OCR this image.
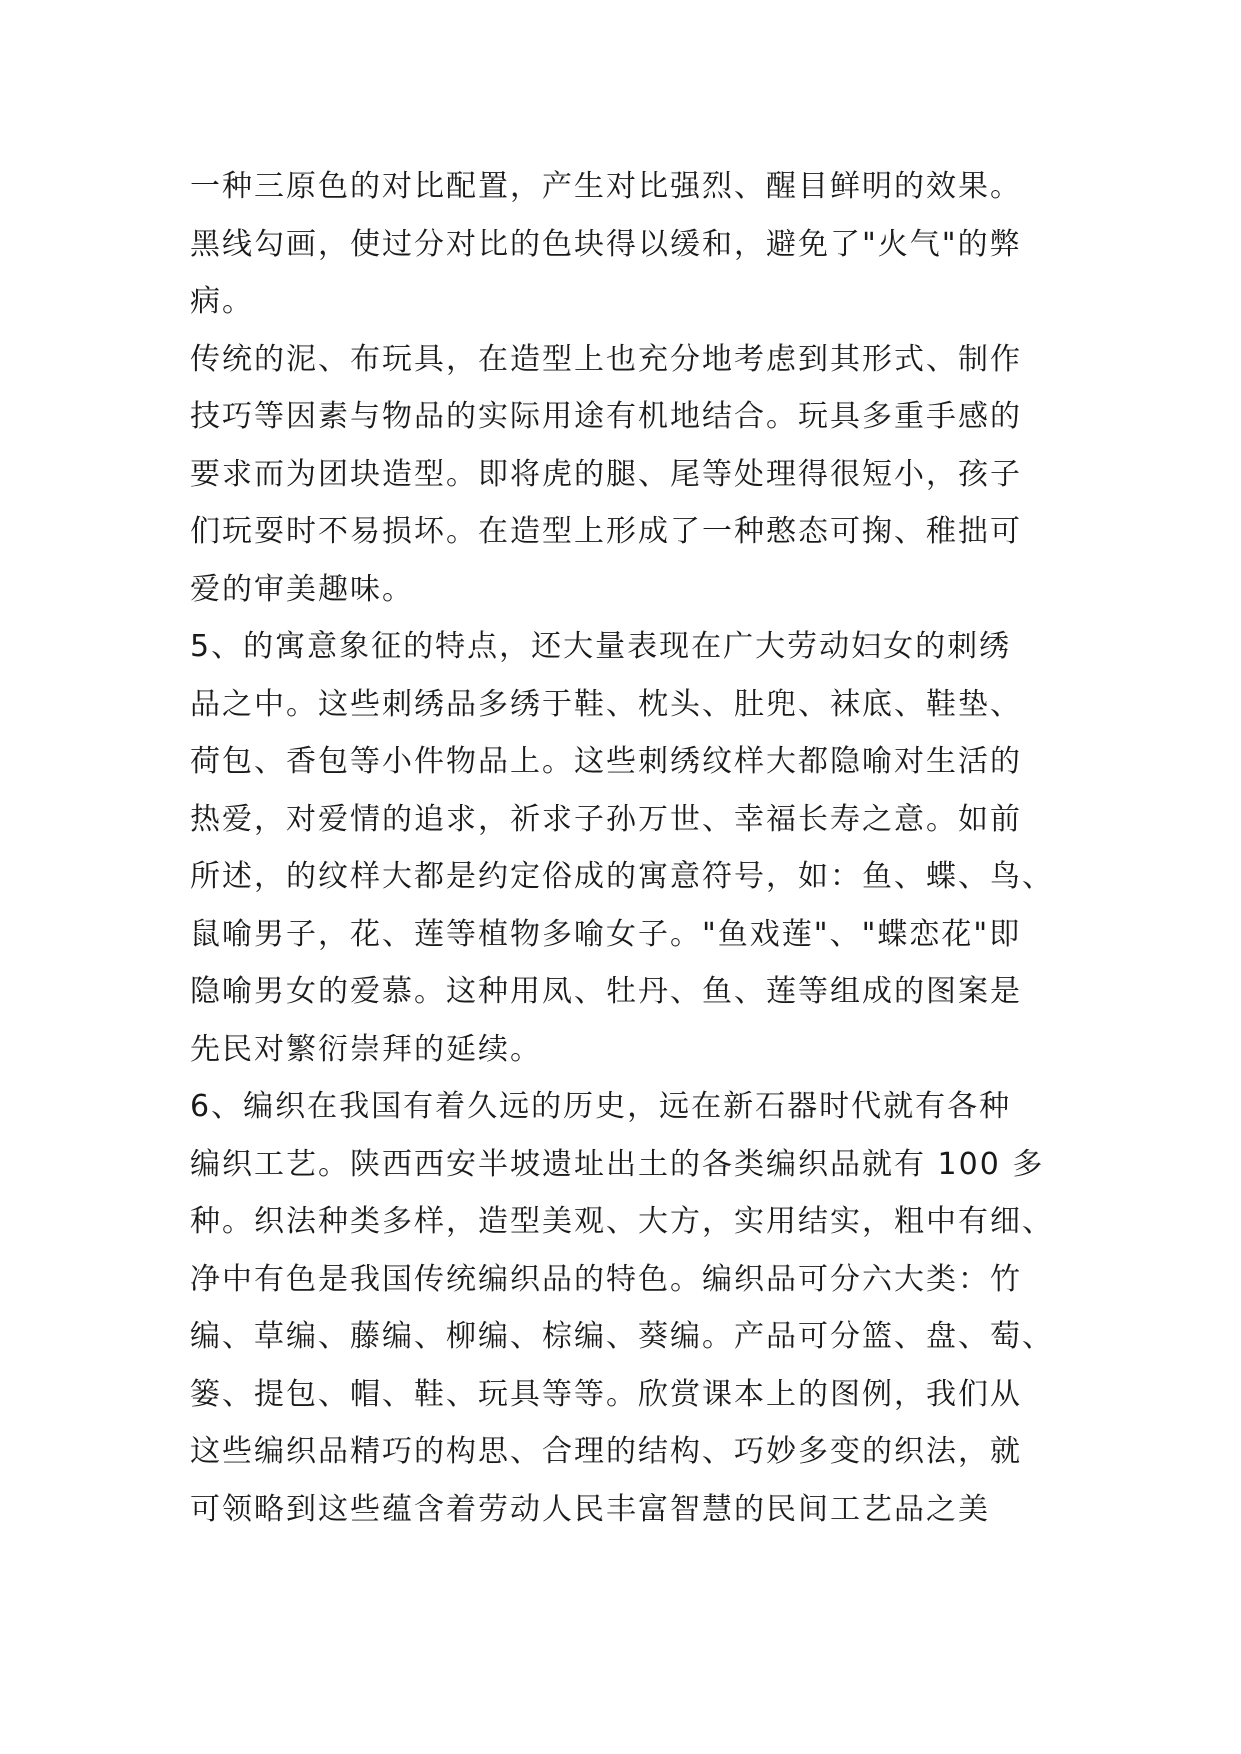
一种三原色的对比配置，产生对比强烈、醒目鲜明的效果。
黑线勾画，使过分对比的色块得以缓和，避免了"火气"的弊
病。
传统的泥、布玩具，在造型上也充分地考虑到其形式、制作
技巧等因素与物品的实际用途有机地结合。玩具多重手感的
要求而为团块造型。即将虎的腿、尾等处理得很短小，孩子
们玩耍时不易损坏。在造型上形成了一种憨态可掬、稚拙可
爱的审美趣味。
5、的寓意象征的特点，还大量表现在广大劳动妇女的刺绣
品之中。这些刺绣品多绣于鞋、枕头、肚兜、袜底、鞋垫、
荷包、香包等小件物品上。这些刺绣纹样大都隐喻对生活的
热爱，对爱情的追求，祈求子孙万世、幸福长寿之意。如前
所述，的纹样大都是约定俗成的寓意符号，如：鱼、蝶、鸟、
鼠喻男子，花、莲等植物多喻女子。"鱼戏莲"、"蝶恋花"即
隐喻男女的爱慕。这种用凤、牡丹、鱼、莲等组成的图案是
先民对繁衍崇拜的延续。
6、编织在我国有着久远的历史，远在新石器时代就有各种
编织工艺。陕西西安半坡遗址出土的各类编织品就有 100 多
种。织法种类多样，造型美观、大方，实用结实，粗中有细、
净中有色是我国传统编织品的特色。编织品可分六大类：竹
编、草编、藤编、柳编、棕编、葵编。产品可分篮、盘、萄、
篓、提包、帽、鞋、玩具等等。欣赏课本上的图例，我们从
这些编织品精巧的构思、合理的结构、巧妙多变的织法，就
可领略到这些蕴含着劳动人民丰富智慧的民间工艺品之美
